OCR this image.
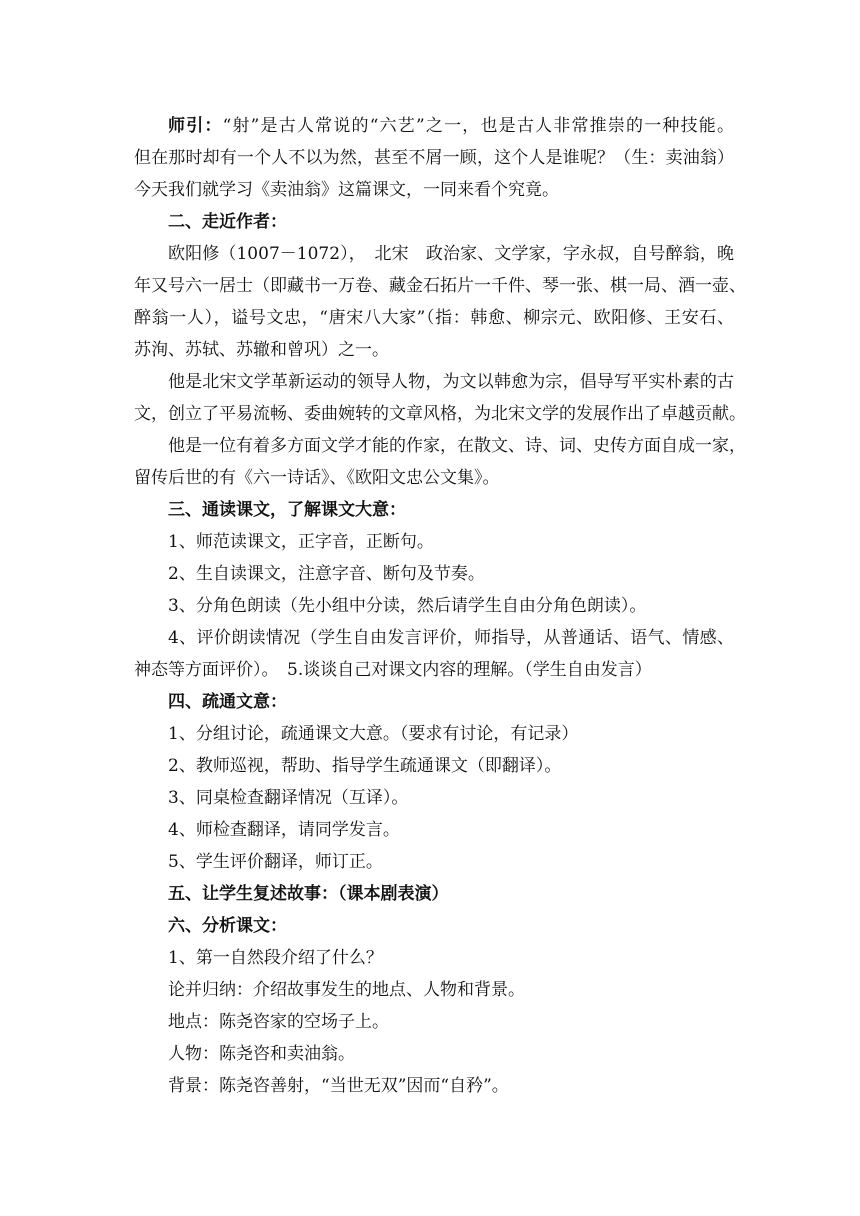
师引：“射”是古人常说的“六艺”之一，也是古人非常推崇的一种技能。

但在那时却有一个人不以为然，甚至不屑一顾，这个人是谁呢？（生：卖油翁）

今天我们就学习《卖油翁》这篇课文，一同来看个究竟。

二、走近作者：

欧阳修（1007－1072），　北宋　政治家、文学家，字永叔，自号醉翁，晚

年又号六一居士（即藏书一万卷、藏金石拓片一千件、琴一张、棋一局、酒一壶、

醉翁一人），谥号文忠，“唐宋八大家”（指：韩愈、柳宗元、欧阳修、王安石、

苏洵、苏轼、苏辙和曾巩）之一。

他是北宋文学革新运动的领导人物，为文以韩愈为宗，倡导写平实朴素的古

文，创立了平易流畅、委曲婉转的文章风格，为北宋文学的发展作出了卓越贡献。

他是一位有着多方面文学才能的作家，在散文、诗、词、史传方面自成一家，

留传后世的有《六一诗话》、《欧阳文忠公文集》。

三、通读课文，了解课文大意：

1、师范读课文，正字音，正断句。

2、生自读课文，注意字音、断句及节奏。

3、分角色朗读（先小组中分读，然后请学生自由分角色朗读）。

4、评价朗读情况（学生自由发言评价，师指导，从普通话、语气、情感、

神态等方面评价）。　5.谈谈自己对课文内容的理解。（学生自由发言）

四、疏通文意：

1、分组讨论，疏通课文大意。（要求有讨论，有记录）

2、教师巡视，帮助、指导学生疏通课文（即翻译）。

3、同桌检查翻译情况（互译）。

4、师检查翻译，请同学发言。

5、学生评价翻译，师订正。

五、让学生复述故事：（课本剧表演）

六、分析课文：

1、第一自然段介绍了什么？

论并归纳：介绍故事发生的地点、人物和背景。

地点：陈尧咨家的空场子上。

人物：陈尧咨和卖油翁。

背景：陈尧咨善射，“当世无双”因而“自矜”。
